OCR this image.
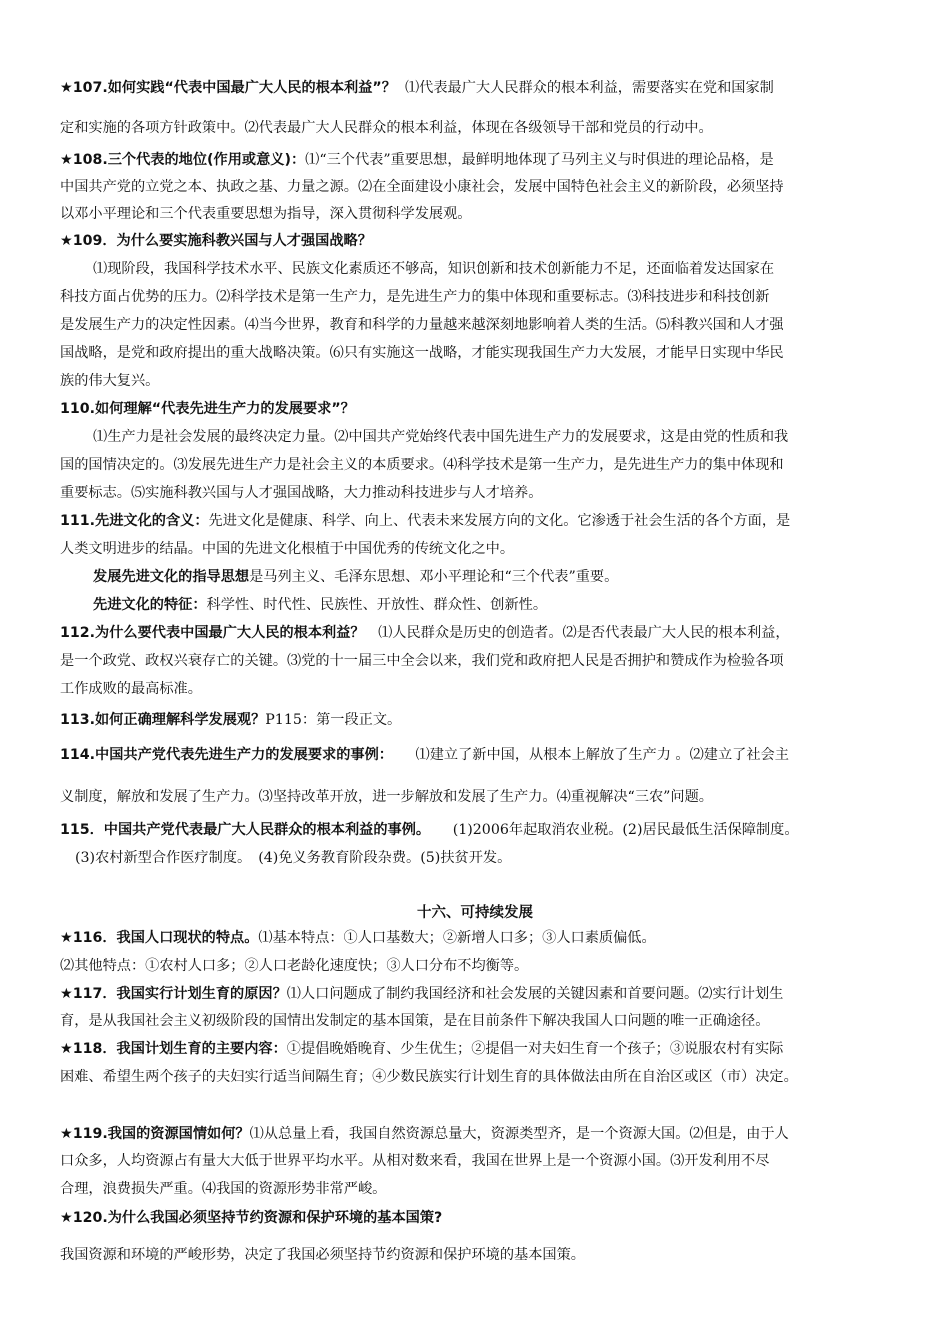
★107.如何实践“代表中国最广大人民的根本利益”？ ⑴代表最广大人民群众的根本利益，需要落实在党和国家制
定和实施的各项方针政策中。⑵代表最广大人民群众的根本利益，体现在各级领导干部和党员的行动中。
★108.三个代表的地位(作用或意义)：⑴“三个代表”重要思想，最鲜明地体现了马列主义与时俱进的理论品格，是
中国共产党的立党之本、执政之基、力量之源。⑵在全面建设小康社会，发展中国特色社会主义的新阶段，必须坚持
以邓小平理论和三个代表重要思想为指导，深入贯彻科学发展观。
★109．为什么要实施科教兴国与人才强国战略？
⑴现阶段，我国科学技术水平、民族文化素质还不够高，知识创新和技术创新能力不足，还面临着发达国家在
科技方面占优势的压力。⑵科学技术是第一生产力，是先进生产力的集中体现和重要标志。⑶科技进步和科技创新
是发展生产力的决定性因素。⑷当今世界，教育和科学的力量越来越深刻地影响着人类的生活。⑸科教兴国和人才强
国战略，是党和政府提出的重大战略决策。⑹只有实施这一战略，才能实现我国生产力大发展，才能早日实现中华民
族的伟大复兴。
110.如何理解“代表先进生产力的发展要求”？
⑴生产力是社会发展的最终决定力量。⑵中国共产党始终代表中国先进生产力的发展要求，这是由党的性质和我
国的国情决定的。⑶发展先进生产力是社会主义的本质要求。⑷科学技术是第一生产力，是先进生产力的集中体现和
重要标志。⑸实施科教兴国与人才强国战略，大力推动科技进步与人才培养。
111.先进文化的含义：先进文化是健康、科学、向上、代表未来发展方向的文化。它渗透于社会生活的各个方面，是
人类文明进步的结晶。中国的先进文化根植于中国优秀的传统文化之中。
发展先进文化的指导思想是马列主义、毛泽东思想、邓小平理论和“三个代表”重要。
先进文化的特征：科学性、时代性、民族性、开放性、群众性、创新性。
112.为什么要代表中国最广大人民的根本利益？ ⑴人民群众是历史的创造者。⑵是否代表最广大人民的根本利益，
是一个政党、政权兴衰存亡的关键。⑶党的十一届三中全会以来，我们党和政府把人民是否拥护和赞成作为检验各项
工作成败的最高标准。
113.如何正确理解科学发展观？P115：第一段正文。
114.中国共产党代表先进生产力的发展要求的事例： ⑴建立了新中国，从根本上解放了生产力 。⑵建立了社会主
义制度，解放和发展了生产力。⑶坚持改革开放，进一步解放和发展了生产力。⑷重视解决“三农”问题。
115．中国共产党代表最广大人民群众的根本利益的事例。 (1)2006年起取消农业税。(2)居民最低生活保障制度。
(3)农村新型合作医疗制度。　(4)免义务教育阶段杂费。(5)扶贫开发。
十六、可持续发展
★116．我国人口现状的特点。⑴基本特点：①人口基数大；②新增人口多；③人口素质偏低。
⑵其他特点：①农村人口多；②人口老龄化速度快；③人口分布不均衡等。
★117．我国实行计划生育的原因？⑴人口问题成了制约我国经济和社会发展的关键因素和首要问题。⑵实行计划生
育，是从我国社会主义初级阶段的国情出发制定的基本国策，是在目前条件下解决我国人口问题的唯一正确途径。
★118．我国计划生育的主要内容：①提倡晚婚晚育、少生优生；②提倡一对夫妇生育一个孩子；③说服农村有实际
困难、希望生两个孩子的夫妇实行适当间隔生育；④少数民族实行计划生育的具体做法由所在自治区或区（市）决定。
★119.我国的资源国情如何？⑴从总量上看，我国自然资源总量大，资源类型齐，是一个资源大国。⑵但是，由于人
口众多，人均资源占有量大大低于世界平均水平。从相对数来看，我国在世界上是一个资源小国。⑶开发利用不尽
合理，浪费损失严重。⑷我国的资源形势非常严峻。
★120.为什么我国必须坚持节约资源和保护环境的基本国策?
我国资源和环境的严峻形势，决定了我国必须坚持节约资源和保护环境的基本国策。
